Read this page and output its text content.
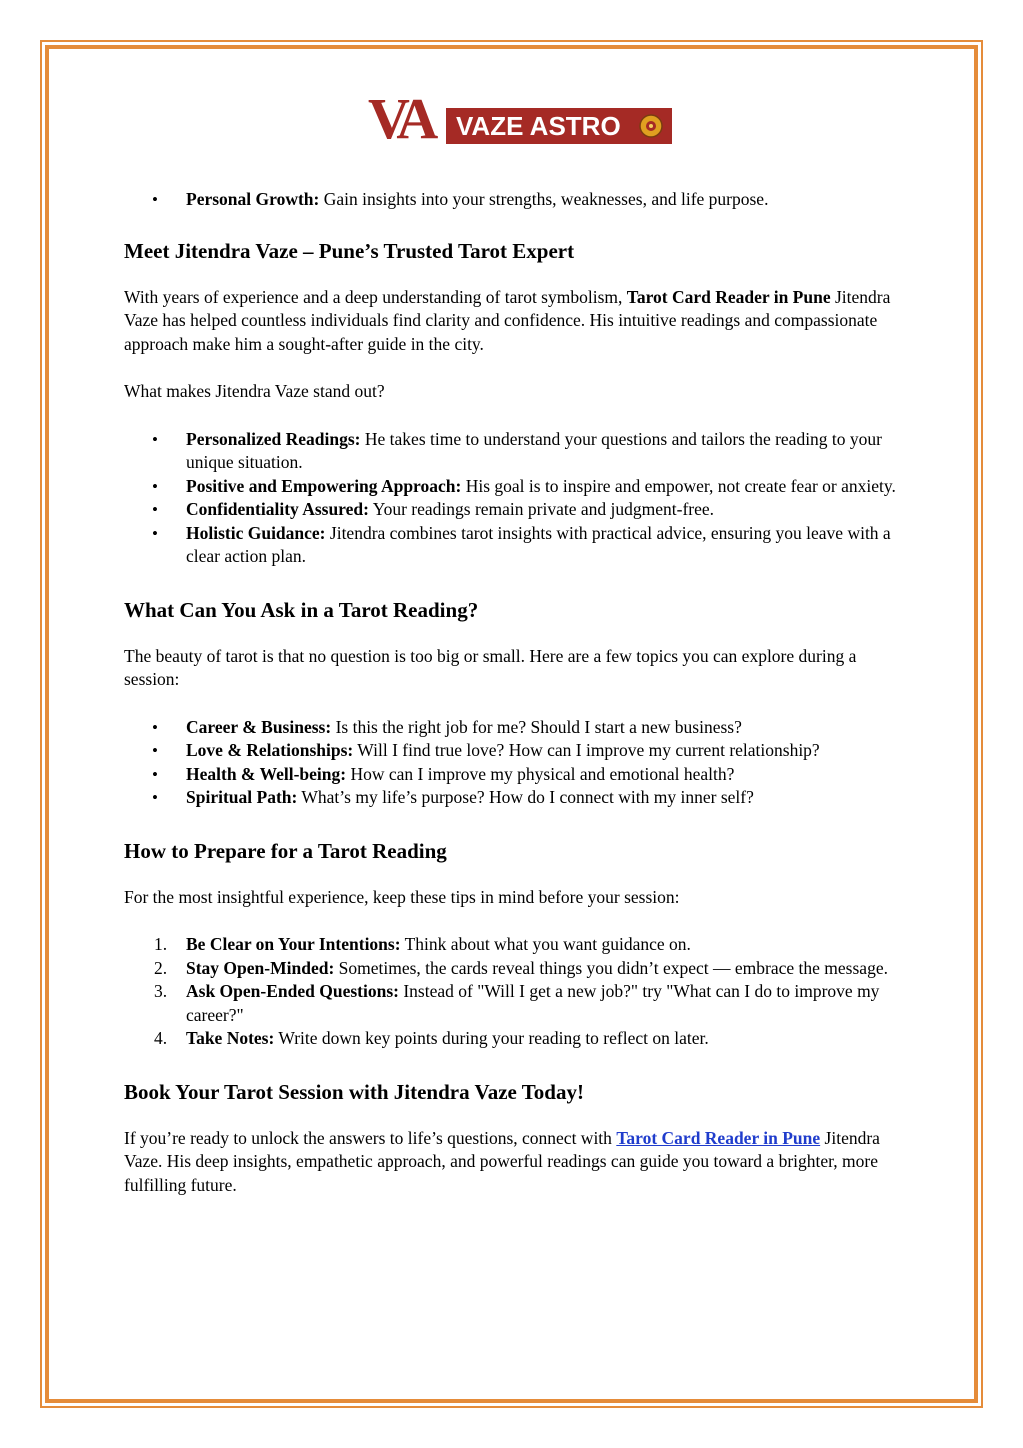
VA VAZE ASTRO
• Personal Growth: Gain insights into your strengths, weaknesses, and life purpose.
Meet Jitendra Vaze – Pune’s Trusted Tarot Expert

With years of experience and a deep understanding of tarot symbolism, Tarot Card Reader in Pune Jitendra Vaze has helped countless individuals find clarity and confidence. His intuitive readings and compassionate approach make him a sought-after guide in the city.

What makes Jitendra Vaze stand out?

• Personalized Readings: He takes time to understand your questions and tailors the reading to your unique situation.
• Positive and Empowering Approach: His goal is to inspire and empower, not create fear or anxiety.
• Confidentiality Assured: Your readings remain private and judgment-free.
• Holistic Guidance: Jitendra combines tarot insights with practical advice, ensuring you leave with a clear action plan.
What Can You Ask in a Tarot Reading?

The beauty of tarot is that no question is too big or small. Here are a few topics you can explore during a session:

• Career & Business: Is this the right job for me? Should I start a new business?
• Love & Relationships: Will I find true love? How can I improve my current relationship?
• Health & Well-being: How can I improve my physical and emotional health?
• Spiritual Path: What’s my life’s purpose? How do I connect with my inner self?
How to Prepare for a Tarot Reading

For the most insightful experience, keep these tips in mind before your session:

1. Be Clear on Your Intentions: Think about what you want guidance on.
2. Stay Open-Minded: Sometimes, the cards reveal things you didn’t expect — embrace the message.
3. Ask Open-Ended Questions: Instead of "Will I get a new job?" try "What can I do to improve my career?"
4. Take Notes: Write down key points during your reading to reflect on later.
Book Your Tarot Session with Jitendra Vaze Today!

If you’re ready to unlock the answers to life’s questions, connect with Tarot Card Reader in Pune Jitendra Vaze. His deep insights, empathetic approach, and powerful readings can guide you toward a brighter, more fulfilling future.
